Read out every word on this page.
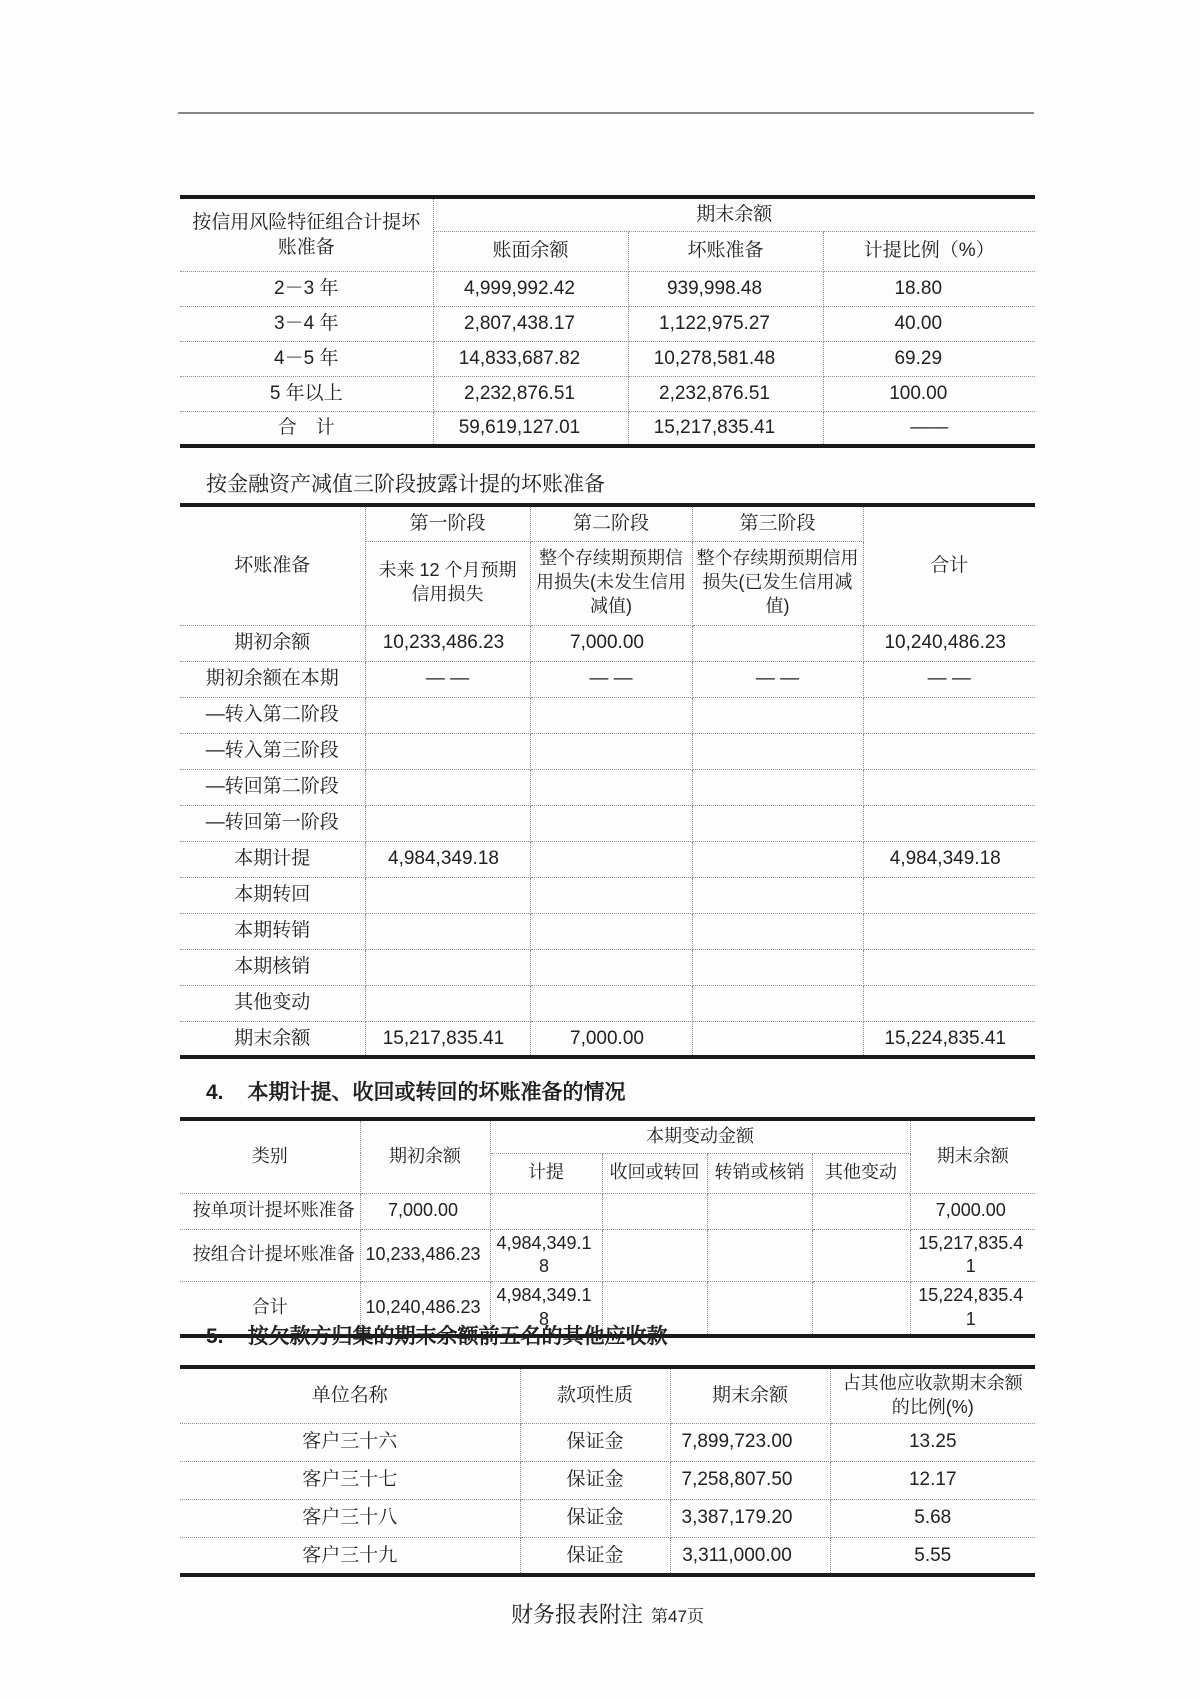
按信用风险特征组合计提坏账准备	期末余额		
	账面余额	坏账准备	计提比例（%）
2－3 年	4,999,992.42	939,998.48	18.80
3－4 年	2,807,438.17	1,122,975.27	40.00
4－5 年	14,833,687.82	10,278,581.48	69.29
5 年以上	2,232,876.51	2,232,876.51	100.00
合　计	59,619,127.01	15,217,835.41	——
按金融资产减值三阶段披露计提的坏账准备
坏账准备	第一阶段	第二阶段	第三阶段	合计
	未来 12 个月预期信用损失	整个存续期预期信用损失(未发生信用减值)	整个存续期预期信用损失(已发生信用减值)	
期初余额	10,233,486.23	7,000.00		10,240,486.23
期初余额在本期	— —	— —	— —	— —
—转入第二阶段				
—转入第三阶段				
—转回第二阶段				
—转回第一阶段				
本期计提	4,984,349.18			4,984,349.18
本期转回				
本期转销				
本期核销				
其他变动				
期末余额	15,217,835.41	7,000.00		15,224,835.41
4. 本期计提、收回或转回的坏账准备的情况
类别	期初余额	本期变动金额				期末余额
		计提	收回或转回	转销或核销	其他变动	
按单项计提坏账准备	7,000.00					7,000.00
按组合计提坏账准备	10,233,486.23	4,984,349.18				15,217,835.41
合计	10,240,486.23	4,984,349.18				15,224,835.41
5. 按欠款方归集的期末余额前五名的其他应收款
单位名称	款项性质	期末余额	占其他应收款期末余额的比例(%)
客户三十六	保证金	7,899,723.00	13.25
客户三十七	保证金	7,258,807.50	12.17
客户三十八	保证金	3,387,179.20	5.68
客户三十九	保证金	3,311,000.00	5.55
财务报表附注 第47页
